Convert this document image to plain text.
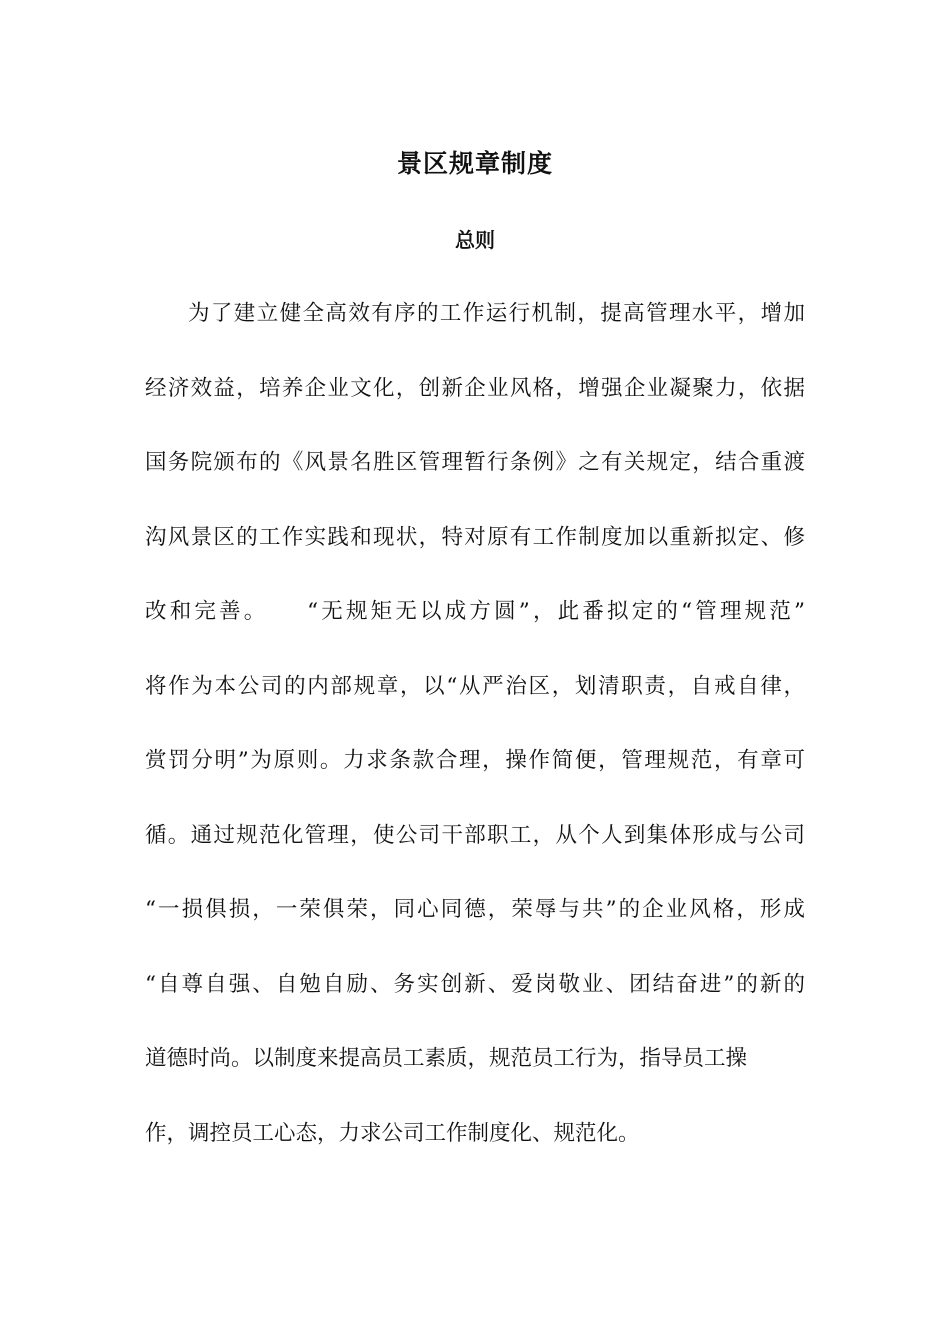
景区规章制度
总则
为了建立健全高效有序的工作运行机制，提高管理水平，增加
经济效益，培养企业文化，创新企业风格，增强企业凝聚力，依据
国务院颁布的《风景名胜区管理暂行条例》之有关规定，结合重渡
沟风景区的工作实践和现状，特对原有工作制度加以重新拟定、修
改和完善。　　“无规矩无以成方圆”，此番拟定的“管理规范”
将作为本公司的内部规章，以“从严治区，划清职责，自戒自律，
赏罚分明”为原则。力求条款合理，操作简便，管理规范，有章可
循。通过规范化管理，使公司干部职工，从个人到集体形成与公司
“一损俱损，一荣俱荣，同心同德，荣辱与共”的企业风格，形成
“自尊自强、自勉自励、务实创新、爱岗敬业、团结奋进”的新的
道德时尚。以制度来提高员工素质，规范员工行为，指导员工操
作，调控员工心态，力求公司工作制度化、规范化。
